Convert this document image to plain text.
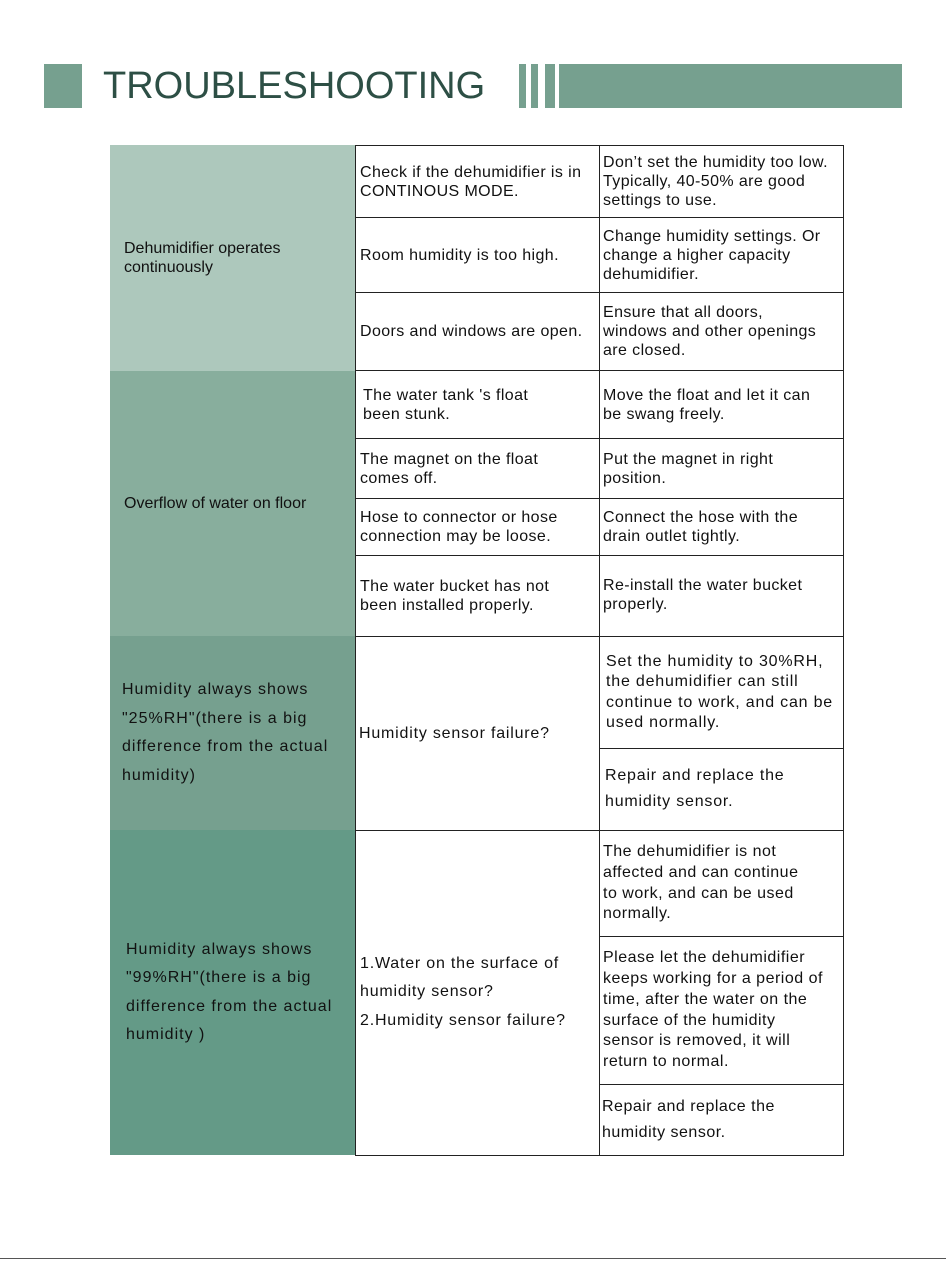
TROUBLESHOOTING
Dehumidifier operates continuously
Overflow of water on floor
Humidity always shows
"25%RH"(there is a big
difference from the actual
humidity)
Humidity always shows
"99%RH"(there is a big
difference from the actual
humidity )
Check if the dehumidifier is in
CONTINOUS MODE.
Don’t set the humidity too low.
Typically, 40-50% are good
settings to use.
Room humidity is too high.
Change humidity settings. Or
change a higher capacity
dehumidifier.
Doors and windows are open.
Ensure that all doors,
windows and other openings
are closed.
The water tank 's float
been stunk.
Move the float and let it can
be swang freely.
The magnet on the float
comes off.
Put the magnet in right
position.
Hose to connector or hose
connection may be loose.
Connect the hose with the
drain outlet tightly.
The water bucket has not
been installed properly.
Re-install the water bucket
properly.
Humidity sensor failure?
Set the humidity to 30%RH,
the dehumidifier can still
continue to work, and can be
used normally.
Repair and replace the
humidity sensor.
1.Water on the surface of
humidity sensor?
2.Humidity sensor failure?
The dehumidifier is not
affected and can continue
to work, and can be used
normally.
Please let the dehumidifier
keeps working for a period of
time, after the water on the
surface of the humidity
sensor is removed, it will
return to normal.
Repair and replace the
humidity sensor.
